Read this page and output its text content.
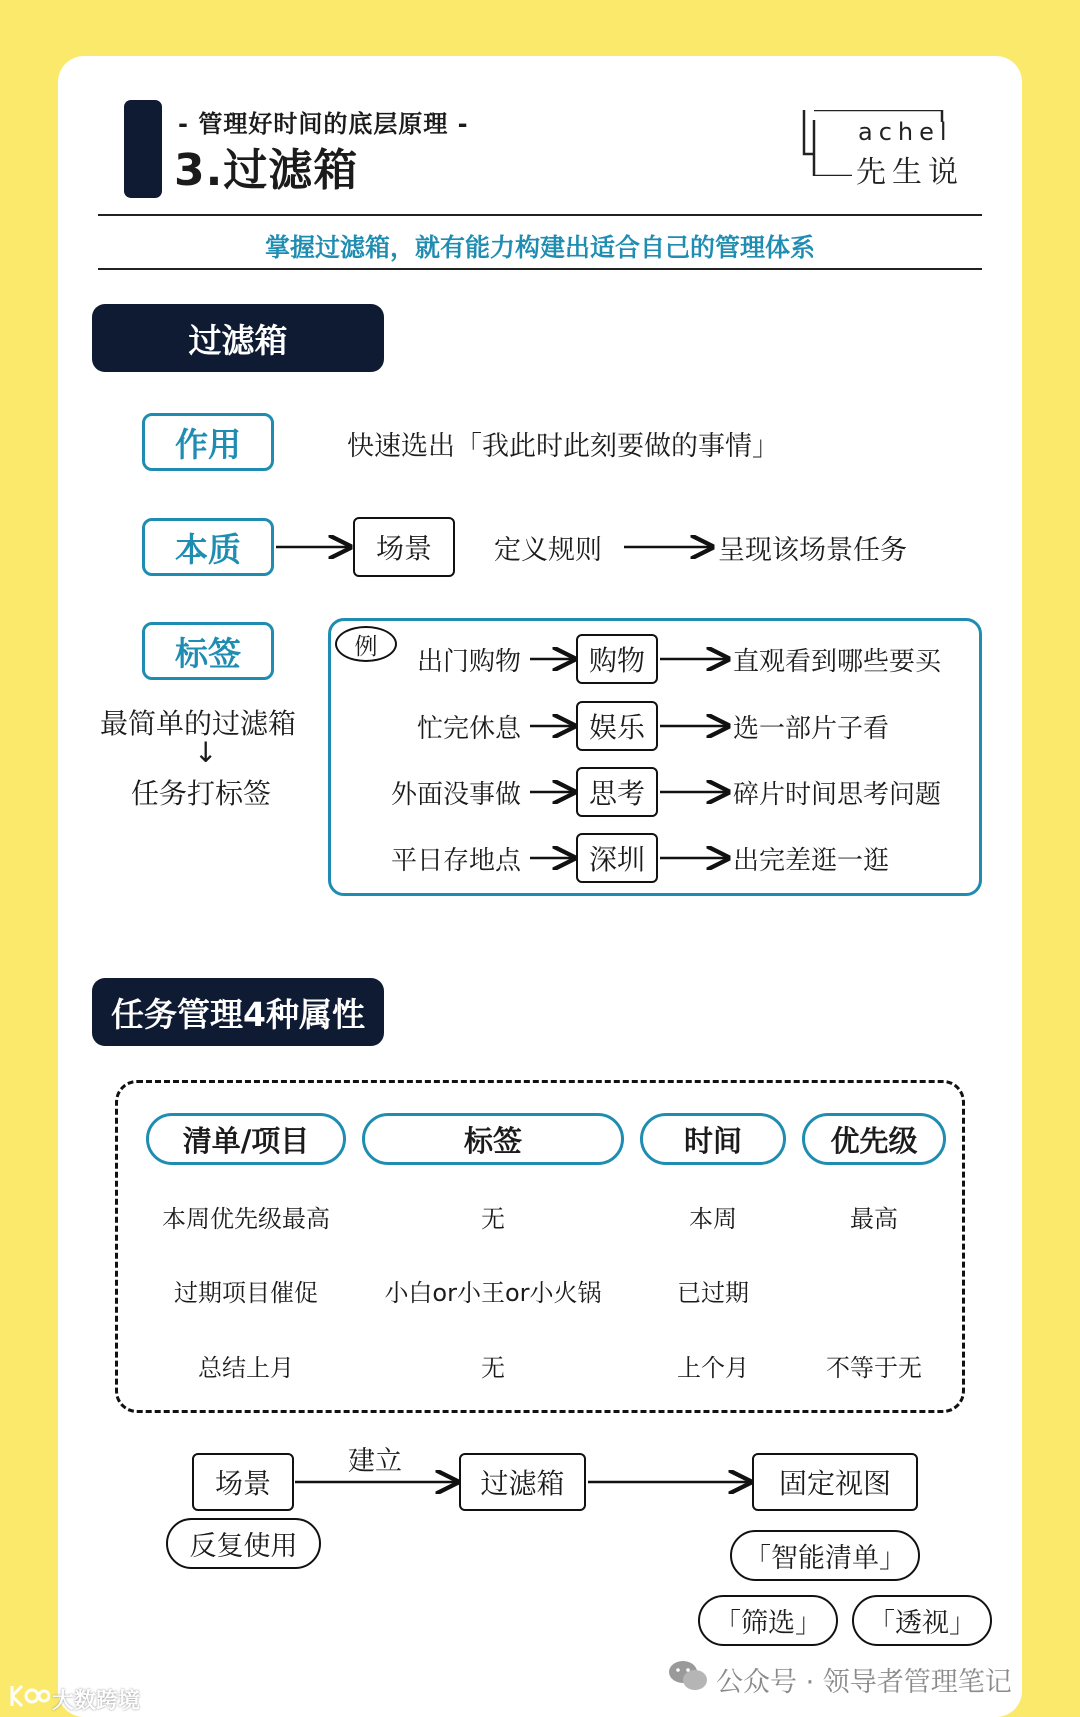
- 管理好时间的底层原理 -
3.过滤箱
achel
先生说
掌握过滤箱，就有能力构建出适合自己的管理体系
过滤箱
作用	快速选出「我此时此刻要做的事情」
本质	场景	定义规则	呈现该场景任务
标签
最简单的过滤箱
↓
任务打标签
例
出门购物	购物	直观看到哪些要买
忙完休息	娱乐	选一部片子看
外面没事做	思考	碎片时间思考问题
平日存地点	深圳	出完差逛一逛
任务管理4种属性
清单/项目	标签	时间	优先级
本周优先级最高	无	本周	最高
过期项目催促	小白or小王or小火锅	已过期
总结上月	无	上个月	不等于无
场景
建立
过滤箱	固定视图
反复使用	「智能清单」
「筛选」	「透视」
公众号 · 领导者管理笔记
大数跨境
